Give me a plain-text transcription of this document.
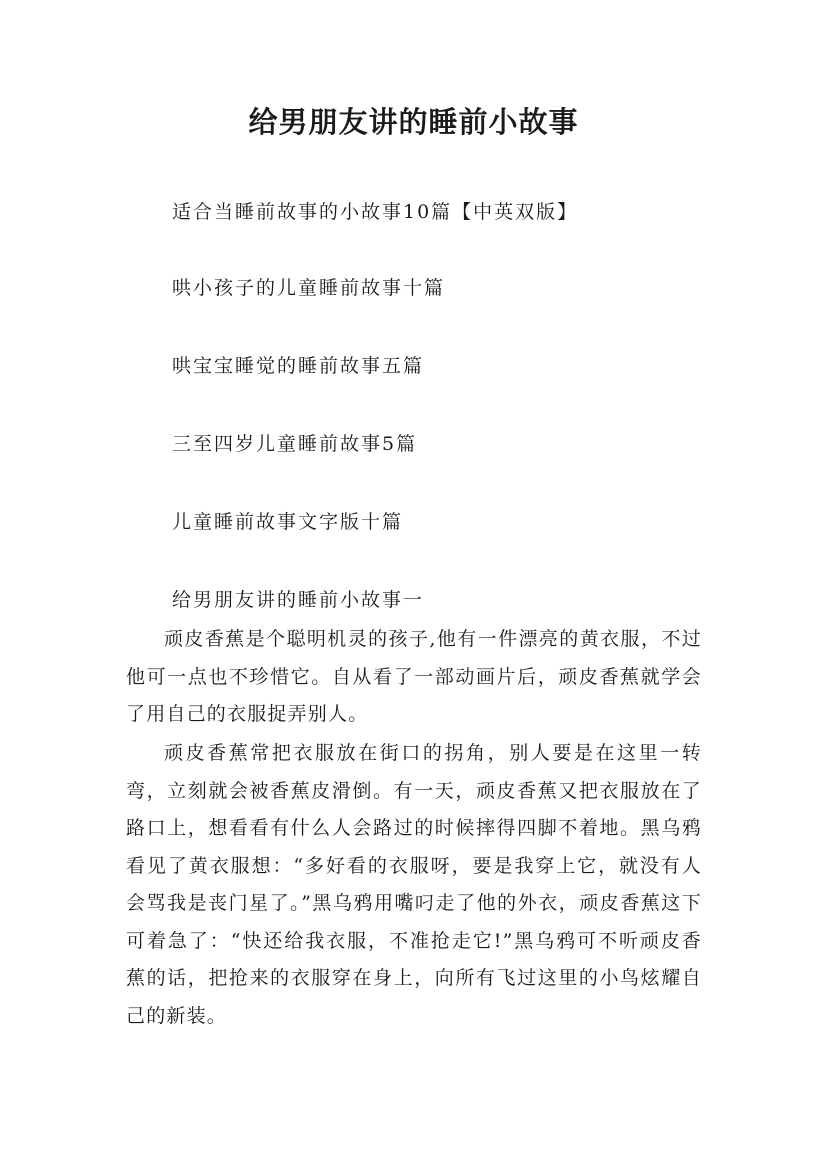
给男朋友讲的睡前小故事

适合当睡前故事的小故事10篇【中英双版】

哄小孩子的儿童睡前故事十篇

哄宝宝睡觉的睡前故事五篇

三至四岁儿童睡前故事5篇

儿童睡前故事文字版十篇

给男朋友讲的睡前小故事一

顽皮香蕉是个聪明机灵的孩子,他有一件漂亮的黄衣服，不过他可一点也不珍惜它。自从看了一部动画片后，顽皮香蕉就学会了用自己的衣服捉弄别人。

顽皮香蕉常把衣服放在街口的拐角，别人要是在这里一转弯，立刻就会被香蕉皮滑倒。有一天，顽皮香蕉又把衣服放在了路口上，想看看有什么人会路过的时候摔得四脚不着地。黑乌鸦看见了黄衣服想：“多好看的衣服呀，要是我穿上它，就没有人会骂我是丧门星了。”黑乌鸦用嘴叼走了他的外衣，顽皮香蕉这下可着急了：“快还给我衣服，不准抢走它!”黑乌鸦可不听顽皮香蕉的话，把抢来的衣服穿在身上，向所有飞过这里的小鸟炫耀自己的新装。
